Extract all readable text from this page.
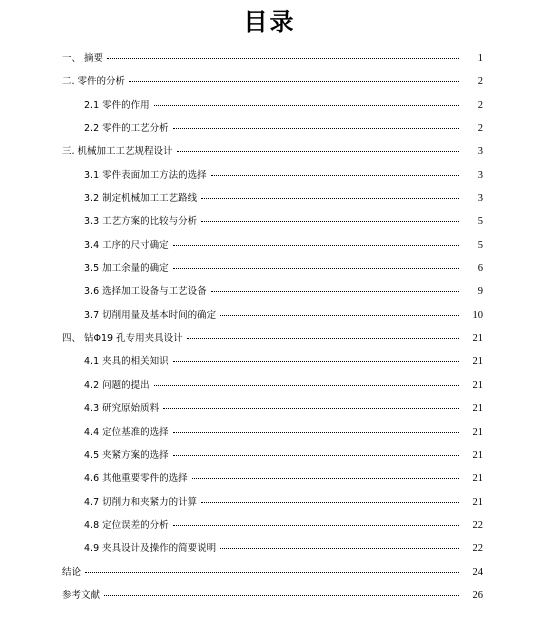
目录
一、 摘要	1
二. 零件的分析	2
2.1 零件的作用	2
2.2 零件的工艺分析	2
三. 机械加工工艺规程设计	3
3.1 零件表面加工方法的选择	3
3.2 制定机械加工工艺路线	3
3.3 工艺方案的比较与分析	5
3.4 工序的尺寸确定	5
3.5 加工余量的确定	6
3.6 选择加工设备与工艺设备	9
3.7 切削用量及基本时间的确定	10
四、 钻Φ19 孔专用夹具设计	21
4.1 夹具的相关知识	21
4.2 问题的提出	21
4.3 研究原始质料	21
4.4 定位基准的选择	21
4.5 夹紧方案的选择	21
4.6 其他重要零件的选择	21
4.7 切削力和夹紧力的计算	21
4.8 定位误差的分析	22
4.9 夹具设计及操作的简要说明	22
结论	24
参考文献	26
